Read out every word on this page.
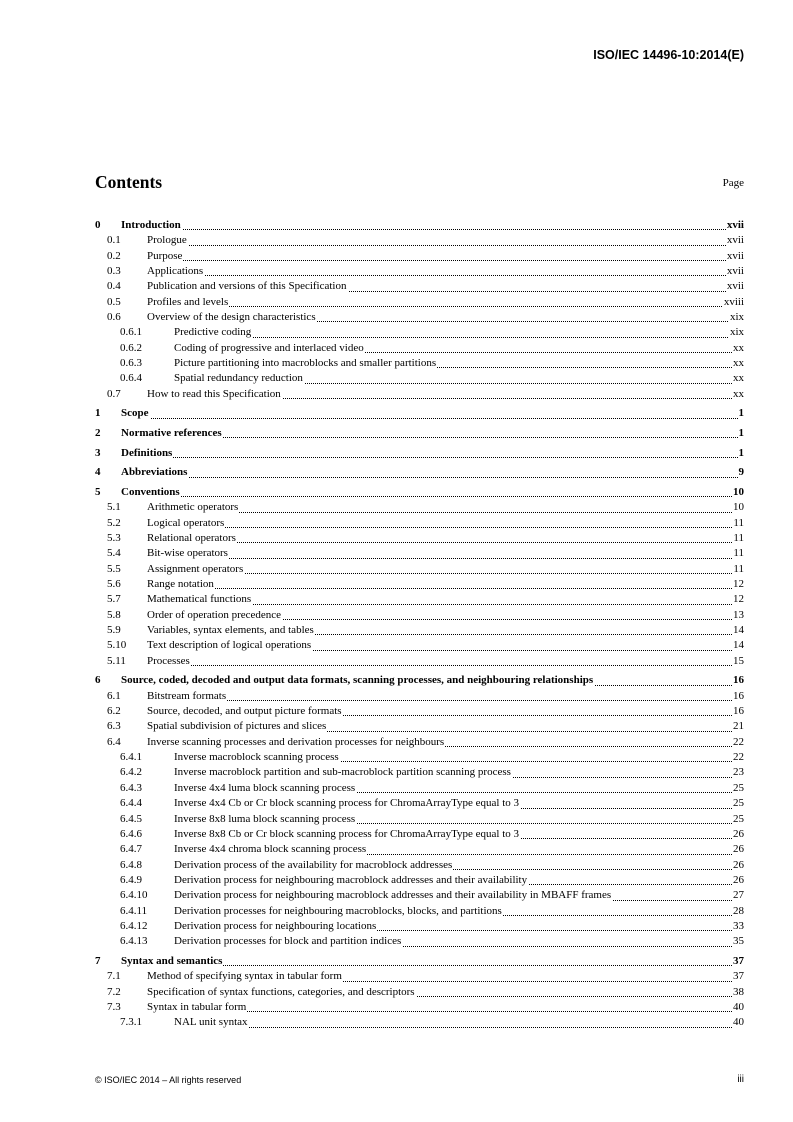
ISO/IEC 14496-10:2014(E)
Contents	Page
0 Introduction	xvii
0.1 Prologue	xvii
0.2 Purpose	xvii
0.3 Applications	xvii
0.4 Publication and versions of this Specification	xvii
0.5 Profiles and levels	xviii
0.6 Overview of the design characteristics	xix
0.6.1	Predictive coding	xix
0.6.2	Coding of progressive and interlaced video	xx
0.6.3	Picture partitioning into macroblocks and smaller partitions	xx
0.6.4	Spatial redundancy reduction	xx
0.7 How to read this Specification	xx
1 Scope	1
2 Normative references	1
3 Definitions	1
4 Abbreviations	9
5 Conventions	10
5.1 Arithmetic operators	10
5.2 Logical operators	11
5.3 Relational operators	11
5.4 Bit-wise operators	11
5.5 Assignment operators	11
5.6 Range notation	12
5.7 Mathematical functions	12
5.8 Order of operation precedence	13
5.9 Variables, syntax elements, and tables	14
5.10 Text description of logical operations	14
5.11 Processes	15
6 Source, coded, decoded and output data formats, scanning processes, and neighbouring relationships	16
6.1 Bitstream formats	16
6.2 Source, decoded, and output picture formats	16
6.3 Spatial subdivision of pictures and slices	21
6.4 Inverse scanning processes and derivation processes for neighbours	22
6.4.1	Inverse macroblock scanning process	22
6.4.2	Inverse macroblock partition and sub-macroblock partition scanning process	23
6.4.3	Inverse 4x4 luma block scanning process	25
6.4.4	Inverse 4x4 Cb or Cr block scanning process for ChromaArrayType equal to 3	25
6.4.5	Inverse 8x8 luma block scanning process	25
6.4.6	Inverse 8x8 Cb or Cr block scanning process for ChromaArrayType equal to 3	26
6.4.7	Inverse 4x4 chroma block scanning process	26
6.4.8	Derivation process of the availability for macroblock addresses	26
6.4.9	Derivation process for neighbouring macroblock addresses and their availability	26
6.4.10 Derivation process for neighbouring macroblock addresses and their availability in MBAFF frames	27
6.4.11 Derivation processes for neighbouring macroblocks, blocks, and partitions	28
6.4.12 Derivation process for neighbouring locations	33
6.4.13 Derivation processes for block and partition indices	35
7 Syntax and semantics	37
7.1 Method of specifying syntax in tabular form	37
7.2 Specification of syntax functions, categories, and descriptors	38
7.3 Syntax in tabular form	40
7.3.1	NAL unit syntax	40
© ISO/IEC 2014 – All rights reserved	iii
